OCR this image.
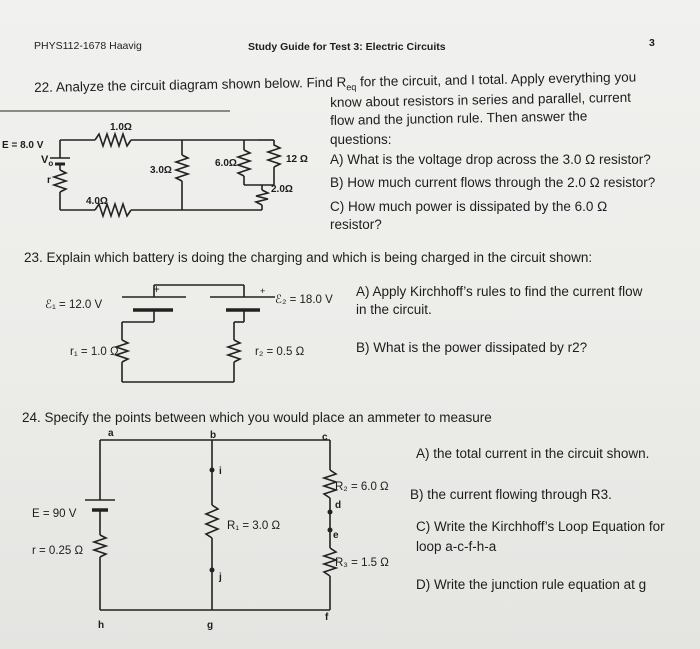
PHYS112-1678 Haavig	Study Guide for Test 3: Electric Circuits	3
22. Analyze the circuit diagram shown below. Find $R_{eq}$ for the circuit, and I total. Apply everything you
know about resistors in series and parallel, current
flow and the junction rule. Then answer the
questions:
A) What is the voltage drop across the 3.0 Ω resistor?
B) How much current flows through the 2.0 Ω resistor?
C) How much power is dissipated by the 6.0 Ω
resistor?
E = 8.0 V
$V_o$
r
1.0Ω
3.0Ω
6.0Ω	12 Ω
2.0Ω
4.0Ω
23. Explain which battery is doing the charging and which is being charged in the circuit shown:
A) Apply Kirchhoff’s rules to find the current flow
in the circuit.
B) What is the power dissipated by r2?
ℰ₁ = 12.0 V	ℰ₂ = 18.0 V
r₁ = 1.0 Ω	r₂ = 0.5 Ω
+	+
24. Specify the points between which you would place an ammeter to measure
A) the total current in the circuit shown.
B) the current flowing through R3.
C) Write the Kirchhoff’s Loop Equation for
loop a-c-f-h-a
D) Write the junction rule equation at g
a	b	c
d
e
f
g
h
i
j
E = 90 V
r = 0.25 Ω
R₁ = 3.0 Ω
R₂ = 6.0 Ω
R₃ = 1.5 Ω
